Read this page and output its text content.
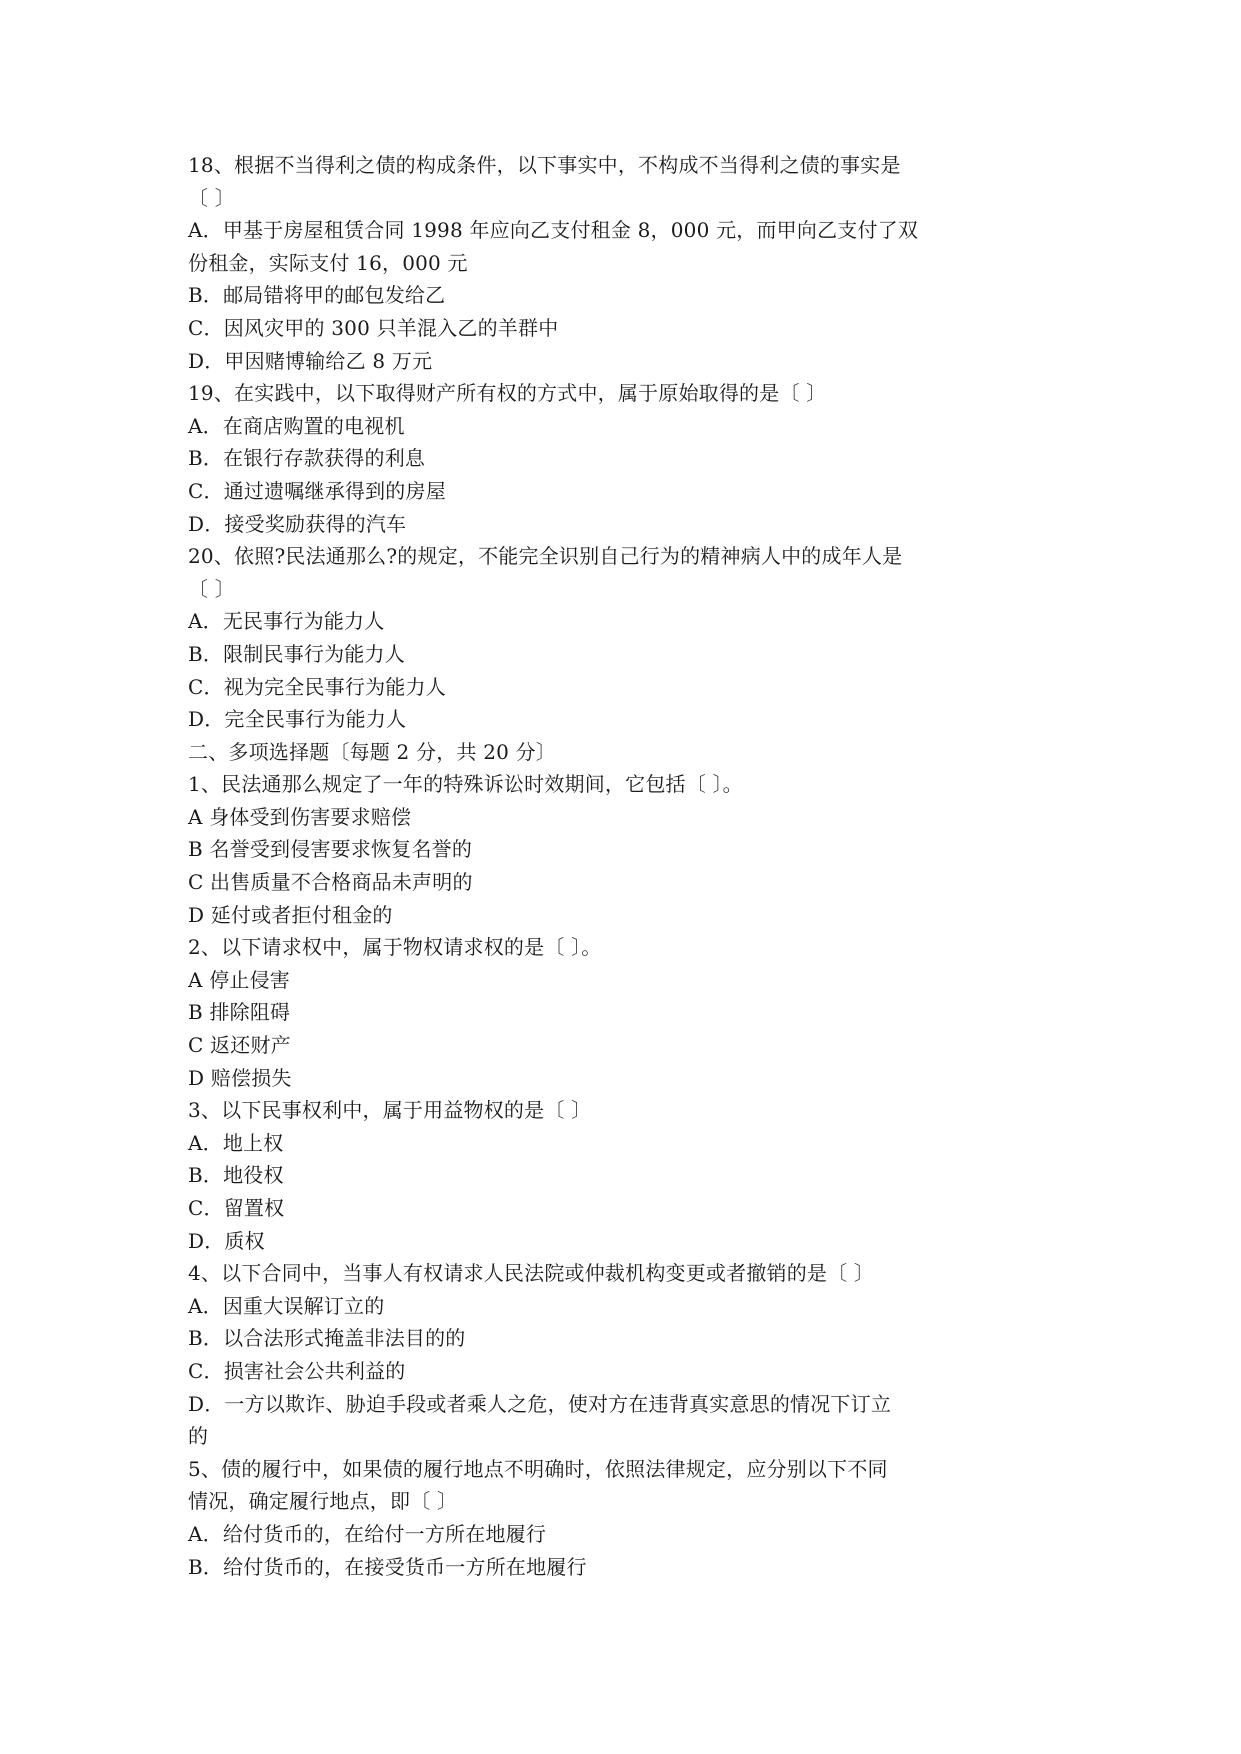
18、根据不当得利之债的构成条件，以下事实中，不构成不当得利之债的事实是
〔 〕
A．甲基于房屋租赁合同 1998 年应向乙支付租金 8，000 元，而甲向乙支付了双
份租金，实际支付 16，000 元
B．邮局错将甲的邮包发给乙
C．因风灾甲的 300 只羊混入乙的羊群中
D．甲因赌博输给乙 8 万元
19、在实践中，以下取得财产所有权的方式中，属于原始取得的是〔 〕
A．在商店购置的电视机
B．在银行存款获得的利息
C．通过遗嘱继承得到的房屋
D．接受奖励获得的汽车
20、依照?民法通那么?的规定，不能完全识别自己行为的精神病人中的成年人是
〔 〕
A．无民事行为能力人
B．限制民事行为能力人
C．视为完全民事行为能力人
D．完全民事行为能力人
二、多项选择题〔每题 2 分，共 20 分〕
1、民法通那么规定了一年的特殊诉讼时效期间，它包括〔 〕。
A 身体受到伤害要求赔偿
B 名誉受到侵害要求恢复名誉的
C 出售质量不合格商品未声明的
D 延付或者拒付租金的
2、以下请求权中，属于物权请求权的是〔 〕。
A 停止侵害
B 排除阻碍
C 返还财产
D 赔偿损失
3、以下民事权利中，属于用益物权的是〔 〕
A．地上权
B．地役权
C．留置权
D．质权
4、以下合同中，当事人有权请求人民法院或仲裁机构变更或者撤销的是〔 〕
A．因重大误解订立的
B．以合法形式掩盖非法目的的
C．损害社会公共利益的
D．一方以欺诈、胁迫手段或者乘人之危，使对方在违背真实意思的情况下订立
的
5、债的履行中，如果债的履行地点不明确时，依照法律规定，应分别以下不同
情况，确定履行地点，即〔 〕
A．给付货币的，在给付一方所在地履行
B．给付货币的，在接受货币一方所在地履行
